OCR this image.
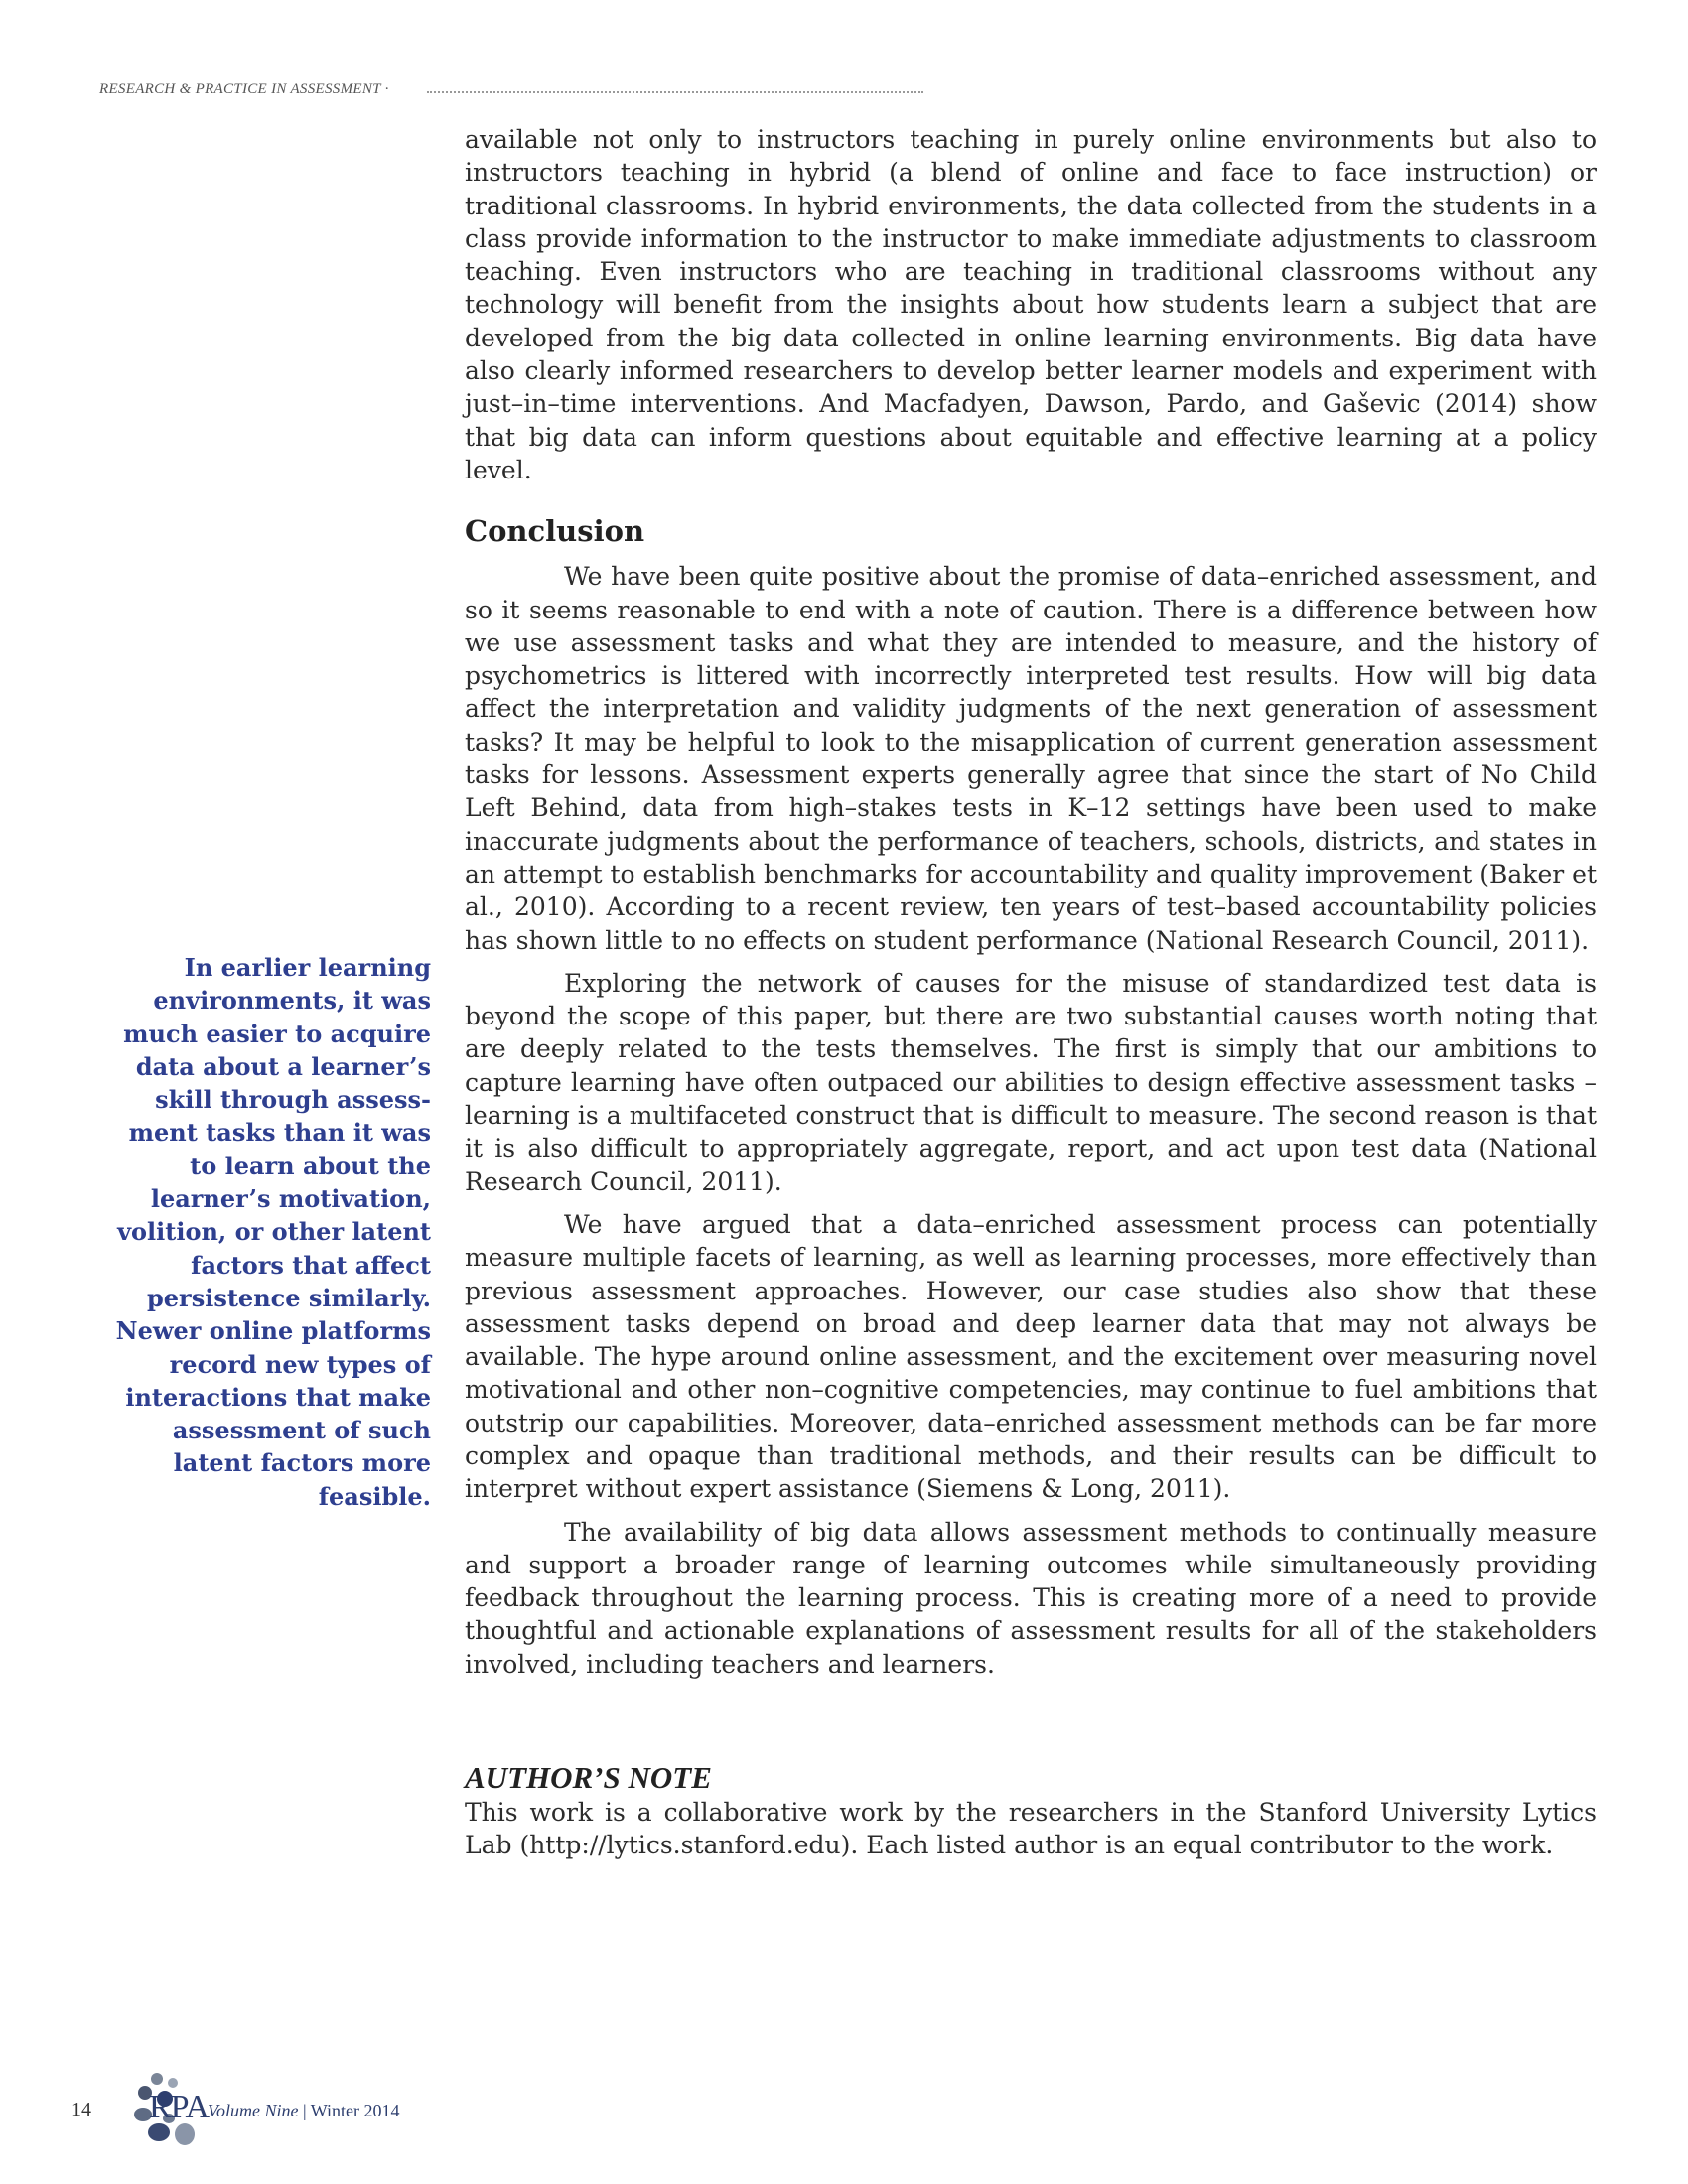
RESEARCH & PRACTICE IN ASSESSMENT ·

available not only to instructors teaching in purely online environments but also to instructors teaching in hybrid (a blend of online and face to face instruction) or traditional classrooms. In hybrid environments, the data collected from the students in a class provide information to the instructor to make immediate adjustments to classroom teaching. Even instructors who are teaching in traditional classrooms without any technology will benefit from the insights about how students learn a subject that are developed from the big data collected in online learning environments. Big data have also clearly informed researchers to develop better learner models and experiment with just–in–time interventions. And Macfadyen, Dawson, Pardo, and Gaševic (2014) show that big data can inform questions about equitable and effective learning at a policy level.

Conclusion

We have been quite positive about the promise of data–enriched assessment, and so it seems reasonable to end with a note of caution. There is a difference between how we use assessment tasks and what they are intended to measure, and the history of psychometrics is littered with incorrectly interpreted test results. How will big data affect the interpretation and validity judgments of the next generation of assessment tasks? It may be helpful to look to the misapplication of current generation assessment tasks for lessons. Assessment experts generally agree that since the start of No Child Left Behind, data from high–stakes tests in K–12 settings have been used to make inaccurate judgments about the performance of teachers, schools, districts, and states in an attempt to establish benchmarks for accountability and quality improvement (Baker et al., 2010). According to a recent review, ten years of test–based accountability policies has shown little to no effects on student performance (National Research Council, 2011).

Exploring the network of causes for the misuse of standardized test data is beyond the scope of this paper, but there are two substantial causes worth noting that are deeply related to the tests themselves. The first is simply that our ambitions to capture learning have often outpaced our abilities to design effective assessment tasks – learning is a multifaceted construct that is difficult to measure. The second reason is that it is also difficult to appropriately aggregate, report, and act upon test data (National Research Council, 2011).

We have argued that a data–enriched assessment process can potentially measure multiple facets of learning, as well as learning processes, more effectively than previous assessment approaches. However, our case studies also show that these assessment tasks depend on broad and deep learner data that may not always be available. The hype around online assessment, and the excitement over measuring novel motivational and other non–cognitive competencies, may continue to fuel ambitions that outstrip our capabilities. Moreover, data–enriched assessment methods can be far more complex and opaque than traditional methods, and their results can be difficult to interpret without expert assistance (Siemens & Long, 2011).

The availability of big data allows assessment methods to continually measure and support a broader range of learning outcomes while simultaneously providing feedback throughout the learning process. This is creating more of a need to provide thoughtful and actionable explanations of assessment results for all of the stakeholders involved, including teachers and learners.

AUTHOR’S NOTE

This work is a collaborative work by the researchers in the Stanford University Lytics Lab (http://lytics.stanford.edu). Each listed author is an equal contributor to the work.

In earlier learning environments, it was much easier to acquire data about a learner’s skill through assess-ment tasks than it was to learn about the learner’s motivation, volition, or other latent factors that affect persistence similarly. Newer online platforms record new types of interactions that make assessment of such latent factors more feasible.
14 RPA
Volume Nine | Winter 2014
